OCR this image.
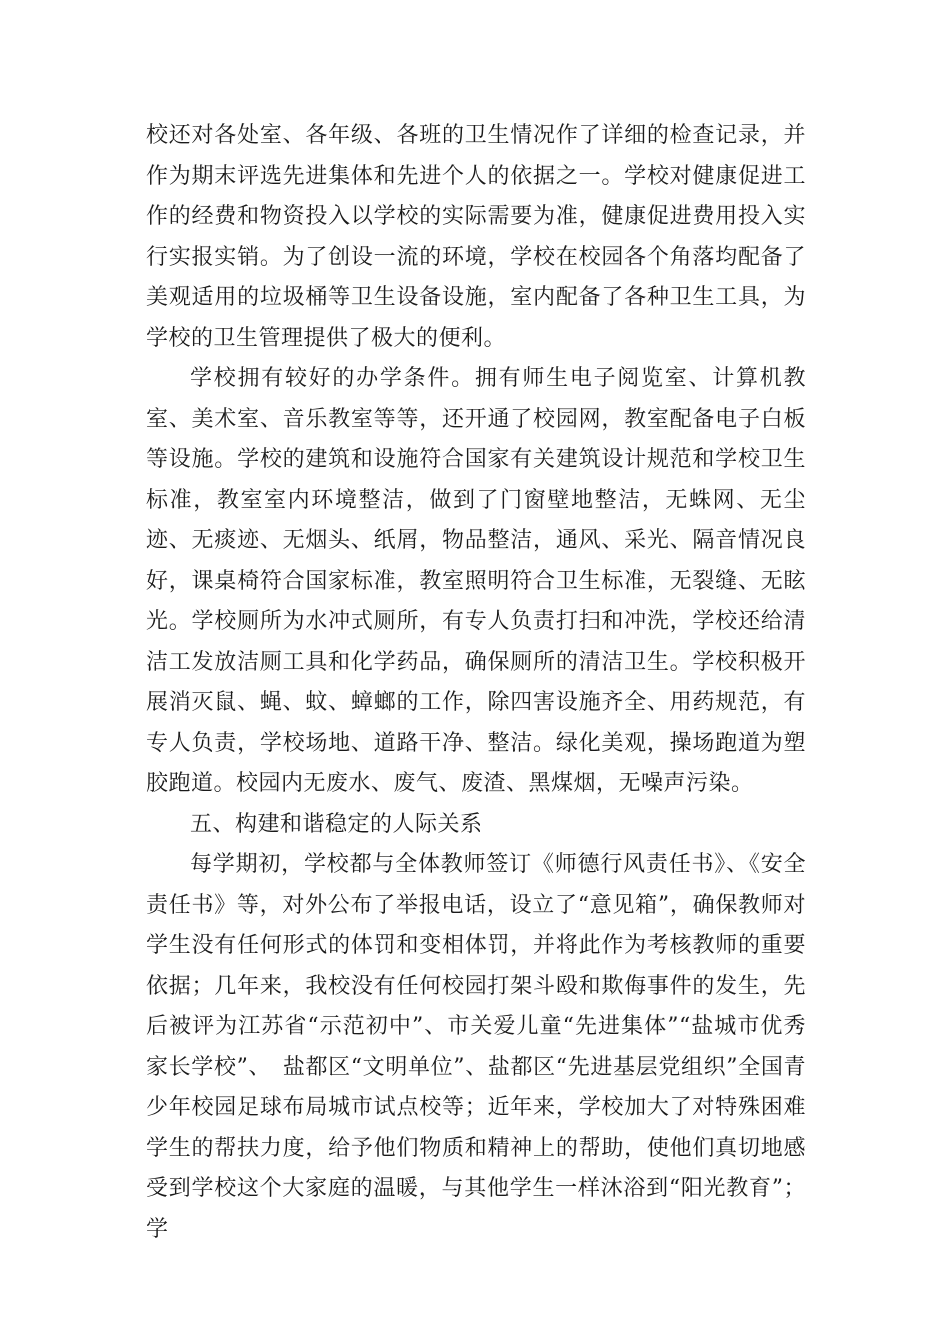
校还对各处室、各年级、各班的卫生情况作了详细的检查记录，并作为期末评选先进集体和先进个人的依据之一。学校对健康促进工作的经费和物资投入以学校的实际需要为准，健康促进费用投入实行实报实销。为了创设一流的环境，学校在校园各个角落均配备了美观适用的垃圾桶等卫生设备设施，室内配备了各种卫生工具，为学校的卫生管理提供了极大的便利。

学校拥有较好的办学条件。拥有师生电子阅览室、计算机教室、美术室、音乐教室等等，还开通了校园网，教室配备电子白板等设施。学校的建筑和设施符合国家有关建筑设计规范和学校卫生标准，教室室内环境整洁，做到了门窗壁地整洁，无蛛网、无尘迹、无痰迹、无烟头、纸屑，物品整洁，通风、采光、隔音情况良好，课桌椅符合国家标准，教室照明符合卫生标准，无裂缝、无眩光。学校厕所为水冲式厕所，有专人负责打扫和冲洗，学校还给清洁工发放洁厕工具和化学药品，确保厕所的清洁卫生。学校积极开展消灭鼠、蝇、蚊、蟑螂的工作，除四害设施齐全、用药规范，有专人负责，学校场地、道路干净、整洁。绿化美观，操场跑道为塑胶跑道。校园内无废水、废气、废渣、黑煤烟，无噪声污染。

五、构建和谐稳定的人际关系

每学期初，学校都与全体教师签订《师德行风责任书》、《安全责任书》等，对外公布了举报电话，设立了“意见箱”，确保教师对学生没有任何形式的体罚和变相体罚，并将此作为考核教师的重要依据；几年来，我校没有任何校园打架斗殴和欺侮事件的发生，先后被评为江苏省“示范初中”、市关爱儿童“先进集体”“盐城市优秀家长学校”、　盐都区“文明单位”、盐都区“先进基层党组织”全国青少年校园足球布局城市试点校等；近年来，学校加大了对特殊困难学生的帮扶力度，给予他们物质和精神上的帮助，使他们真切地感受到学校这个大家庭的温暖，与其他学生一样沐浴到“阳光教育”；学
